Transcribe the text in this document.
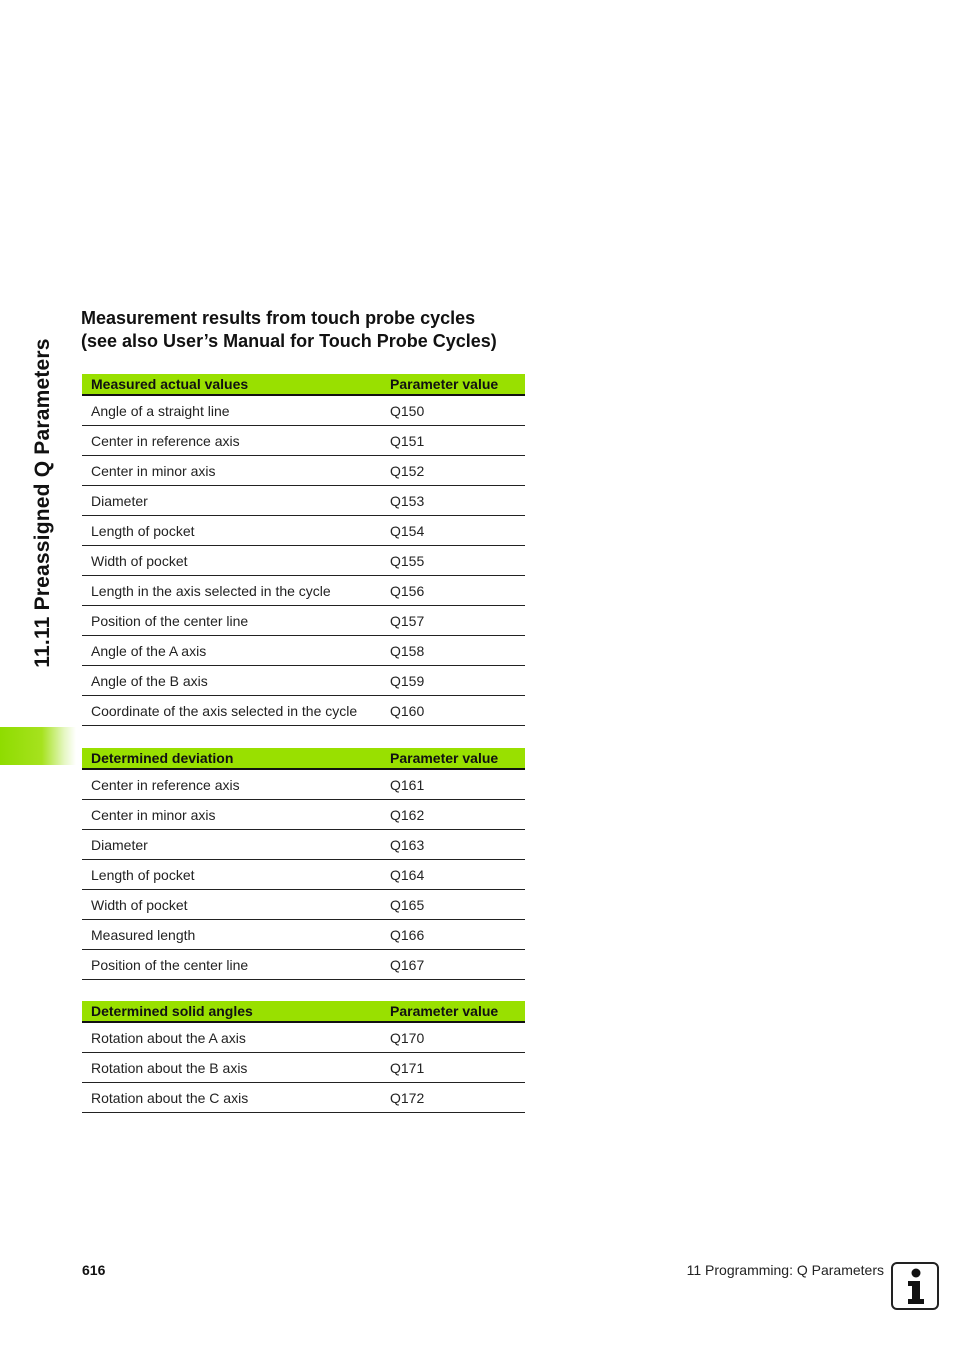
11.11 Preassigned Q Parameters
Measurement results from touch probe cycles
(see also User’s Manual for Touch Probe Cycles)
Measured actual values	Parameter value
Angle of a straight line	Q150
Center in reference axis	Q151
Center in minor axis	Q152
Diameter	Q153
Length of pocket	Q154
Width of pocket	Q155
Length in the axis selected in the cycle	Q156
Position of the center line	Q157
Angle of the A axis	Q158
Angle of the B axis	Q159
Coordinate of the axis selected in the cycle	Q160
Determined deviation	Parameter value
Center in reference axis	Q161
Center in minor axis	Q162
Diameter	Q163
Length of pocket	Q164
Width of pocket	Q165
Measured length	Q166
Position of the center line	Q167
Determined solid angles	Parameter value
Rotation about the A axis	Q170
Rotation about the B axis	Q171
Rotation about the C axis	Q172
616	11 Programming: Q Parameters
